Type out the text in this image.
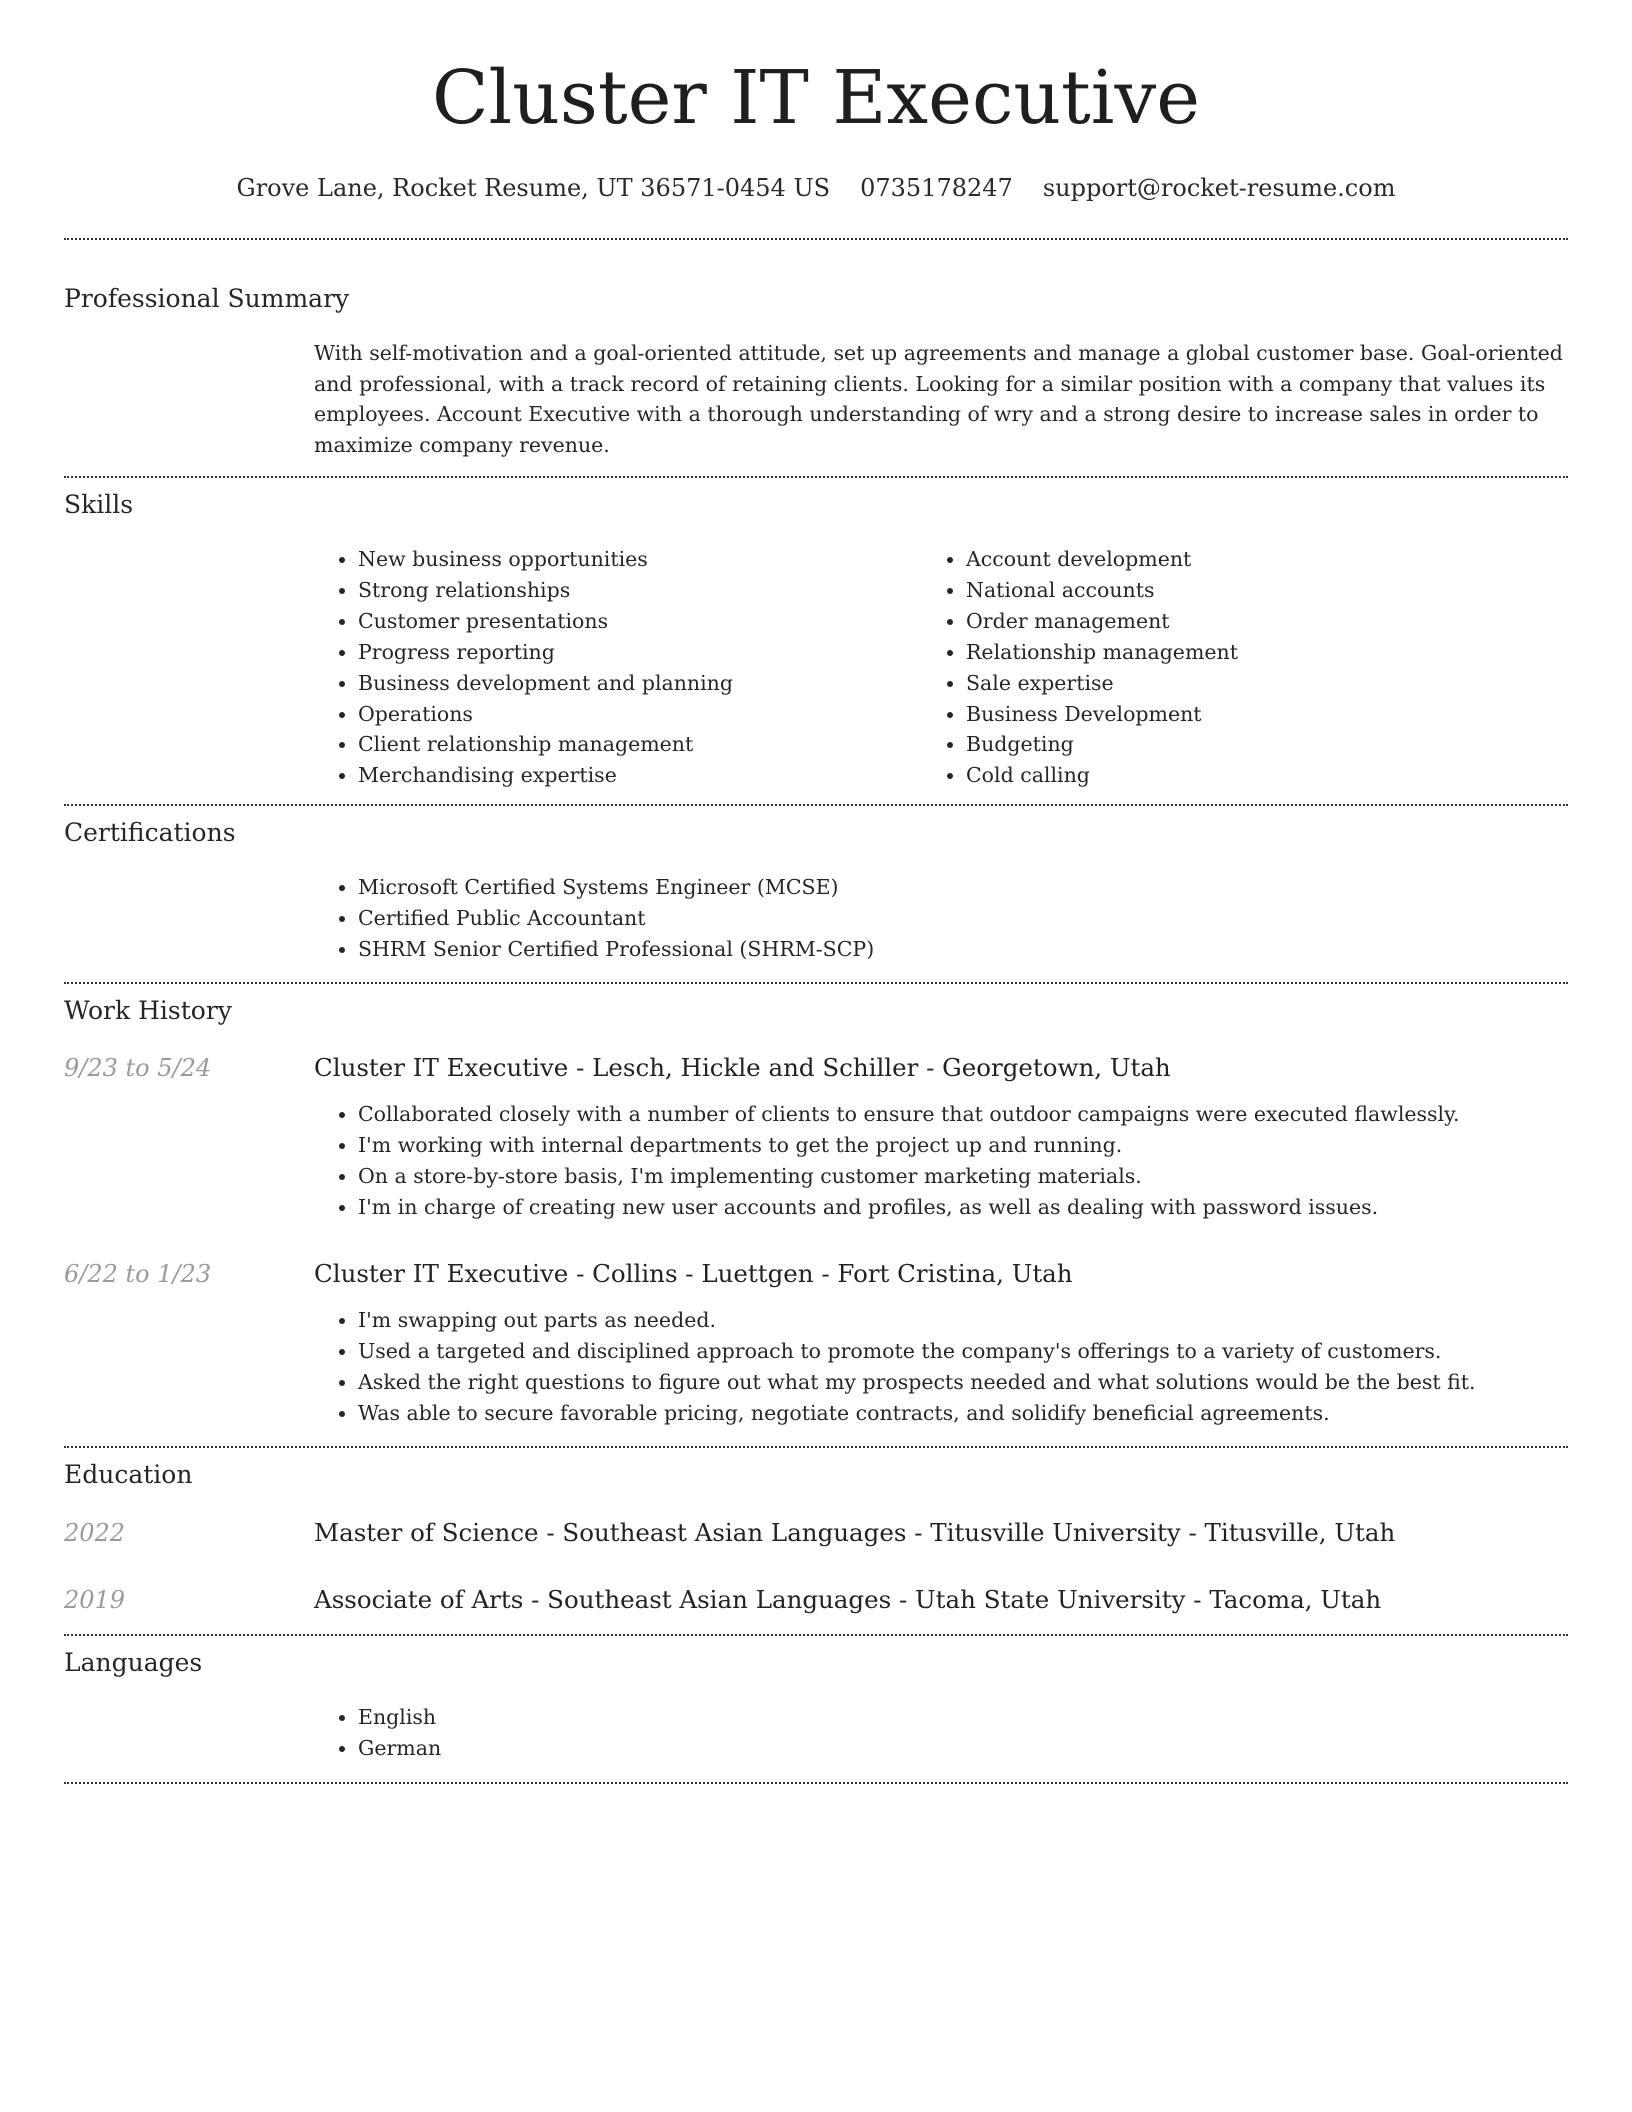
Cluster IT Executive
Grove Lane, Rocket Resume, UT 36571-0454 US 0735178247 support@rocket-resume.com
Professional Summary

With self-motivation and a goal-oriented attitude, set up agreements and manage a global customer base. Goal-oriented and professional, with a track record of retaining clients. Looking for a similar position with a company that values its employees. Account Executive with a thorough understanding of wry and a strong desire to increase sales in order to maximize company revenue.

Skills
• New business opportunities
• Strong relationships
• Customer presentations
• Progress reporting
• Business development and planning
• Operations
• Client relationship management
• Merchandising expertise
• Account development
• National accounts
• Order management
• Relationship management
• Sale expertise
• Business Development
• Budgeting
• Cold calling
Certifications
• Microsoft Certified Systems Engineer (MCSE)
• Certified Public Accountant
• SHRM Senior Certified Professional (SHRM-SCP)
Work History
9/23 to 5/24	Cluster IT Executive - Lesch, Hickle and Schiller - Georgetown, Utah
• Collaborated closely with a number of clients to ensure that outdoor campaigns were executed flawlessly.
• I'm working with internal departments to get the project up and running.
• On a store-by-store basis, I'm implementing customer marketing materials.
• I'm in charge of creating new user accounts and profiles, as well as dealing with password issues.
6/22 to 1/23	Cluster IT Executive - Collins - Luettgen - Fort Cristina, Utah
• I'm swapping out parts as needed.
• Used a targeted and disciplined approach to promote the company's offerings to a variety of customers.
• Asked the right questions to figure out what my prospects needed and what solutions would be the best fit.
• Was able to secure favorable pricing, negotiate contracts, and solidify beneficial agreements.
Education
2022	Master of Science - Southeast Asian Languages - Titusville University - Titusville, Utah
2019	Associate of Arts - Southeast Asian Languages - Utah State University - Tacoma, Utah
Languages
• English
• German
